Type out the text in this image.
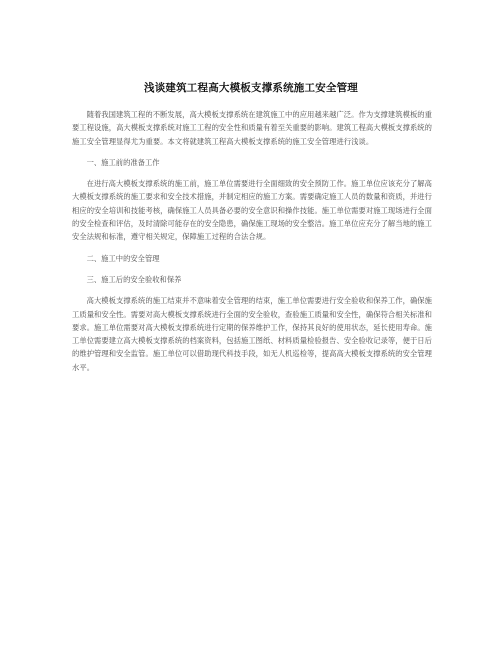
浅谈建筑工程高大模板支撑系统施工安全管理

随着我国建筑工程的不断发展，高大模板支撑系统在建筑施工中的应用越来越广泛。作为支撑建筑模板的重要工程设施，高大模板支撑系统对施工工程的安全性和质量有着至关重要的影响。建筑工程高大模板支撑系统的施工安全管理显得尤为重要。本文将就建筑工程高大模板支撑系统的施工安全管理进行浅谈。

一、施工前的准备工作

在进行高大模板支撑系统的施工前，施工单位需要进行全面细致的安全预防工作。施工单位应该充分了解高大模板支撑系统的施工要求和安全技术措施，并制定相应的施工方案。需要确定施工人员的数量和资质，并进行相应的安全培训和技能考核，确保施工人员具备必要的安全意识和操作技能。施工单位需要对施工现场进行全面的安全检查和评估，及时清除可能存在的安全隐患，确保施工现场的安全整洁。施工单位应充分了解当地的施工安全法规和标准，遵守相关规定，保障施工过程的合法合规。

二、施工中的安全管理

三、施工后的安全验收和保养

高大模板支撑系统的施工结束并不意味着安全管理的结束，施工单位需要进行安全验收和保养工作，确保施工质量和安全性。需要对高大模板支撑系统进行全面的安全验收，查验施工质量和安全性，确保符合相关标准和要求。施工单位需要对高大模板支撑系统进行定期的保养维护工作，保持其良好的使用状态，延长使用寿命。施工单位需要建立高大模板支撑系统的档案资料，包括施工图纸、材料质量检验报告、安全验收记录等，便于日后的维护管理和安全监管。施工单位可以借助现代科技手段，如无人机巡检等，提高高大模板支撑系统的安全管理水平。
